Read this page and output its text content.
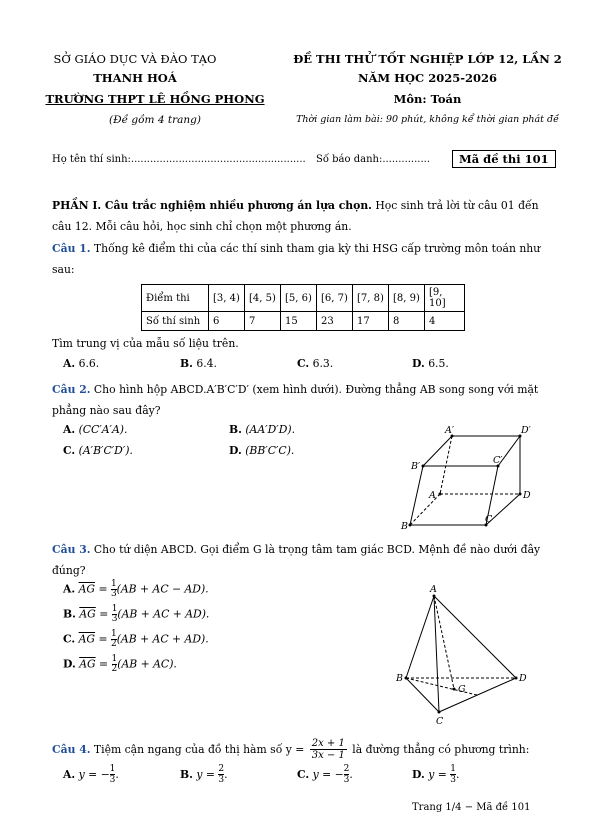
SỞ GIÁO DỤC VÀ ĐÀO TẠO
THANH HOÁ
TRƯỜNG THPT LÊ HỒNG PHONG
(Đề gồm 4 trang)
ĐỀ THI THỬ TỐT NGHIỆP LỚP 12, LẦN 2
NĂM HỌC 2025-2026
Môn: Toán
Thời gian làm bài: 90 phút, không kể thời gian phát đề
Họ tên thí sinh:....................................................... Số báo danh:...............	Mã đề thi 101
PHẦN I. Câu trắc nghiệm nhiều phương án lựa chọn. Học sinh trả lời từ câu 01 đến
câu 12. Mỗi câu hỏi, học sinh chỉ chọn một phương án.
Câu 1. Thống kê điểm thi của các thí sinh tham gia kỳ thi HSG cấp trường môn toán như
sau:
Điểm thi	[3, 4)	[4, 5)	[5, 6)	[6, 7)	[7, 8)	[8, 9)	[9, 10]
Số thí sinh	6	7	15	23	17	8	4
Tìm trung vị của mẫu số liệu trên.
A. 6.6.	B. 6.4.	C. 6.3.	D. 6.5.
Câu 2. Cho hình hộp ABCD.A′B′C′D′ (xem hình dưới). Đường thẳng AB song song với mặt
phẳng nào sau đây?
A. (CC′A′A).	B. (AA′D′D).
C. (A′B′C′D′).	D. (BB′C′C).
A′	D′
B′
C′
A	D
B
C
Câu 3. Cho tứ diện ABCD. Gọi điểm G là trọng tâm tam giác BCD. Mệnh đề nào dưới đây
đúng?
A. $\overline{AG} = \frac{1}{3} (AB$ + AC − AD).
B. $\overline{AG} = \frac{1}{3} (AB$ + AC + AD).
C. $\overline{AG} = \frac{1}{2} (AB$ + AC + AD).
D. $\overline{AG} = \frac{1}{2} (AB + AC)$.
A
B	D
C
G
Câu 4. Tiệm cận ngang của đồ thị hàm số $y = \frac{2x + 1}{3x - 1}$ là đường thẳng có phương trình:
A.
y = − $\frac{1}{3}$ .	B.
$y = \frac{2}{3}$ .	C.
y = − $\frac{2}{3}$ .	D.
$y = \frac{1}{3}$ .
Trang 1/4 − Mã đề 101
